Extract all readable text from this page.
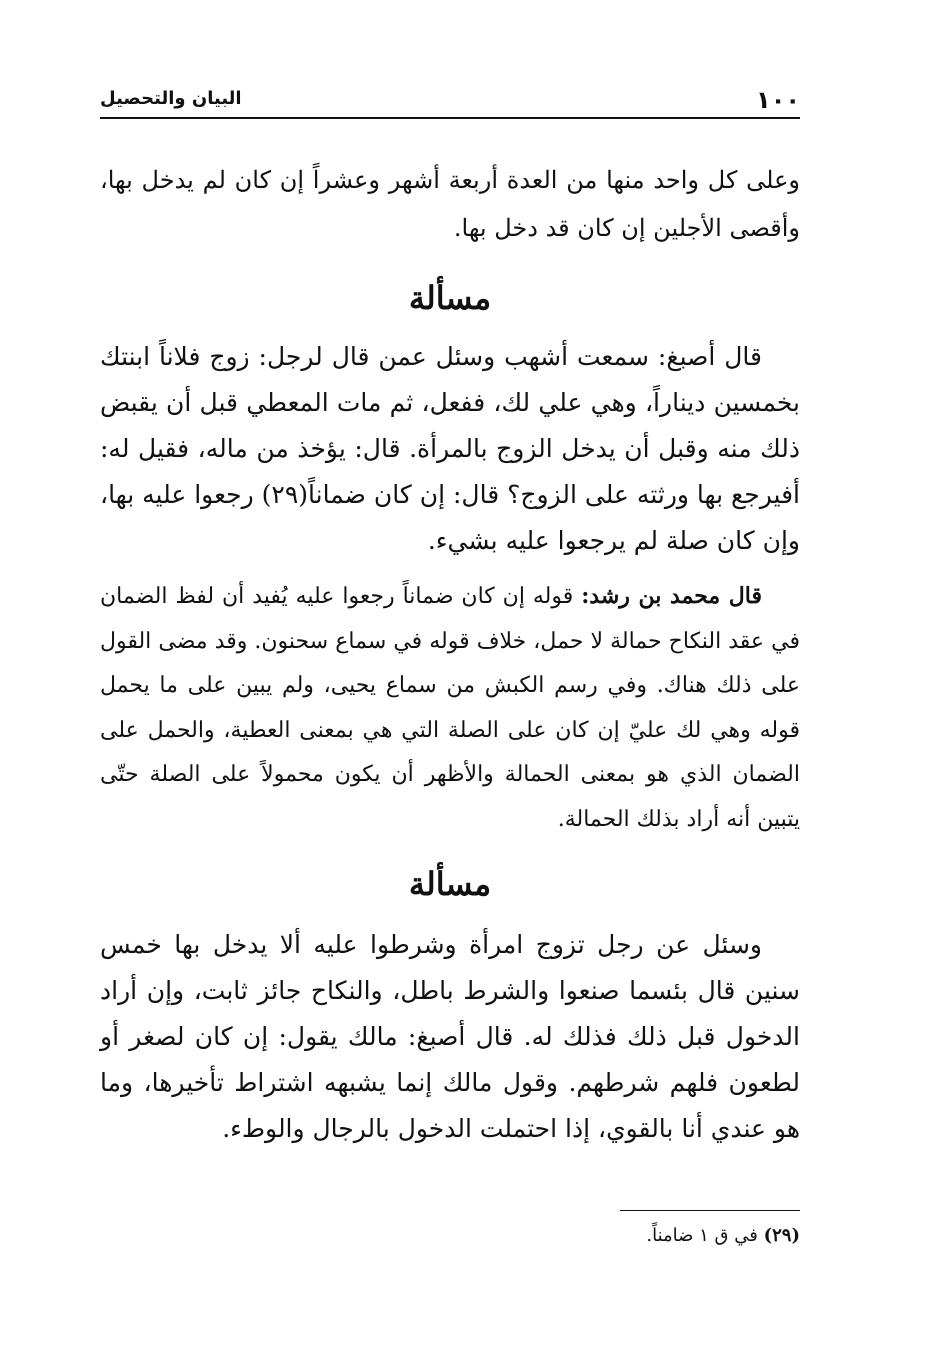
١٠٠
البيان والتحصيل

وعلى كل واحد منها من العدة أربعة أشهر وعشراً إن كان لم يدخل بها، وأقصى الأجلين إن كان قد دخل بها.

مسألة
قال أصبغ: سمعت أشهب وسئل عمن قال لرجل: زوج فلاناً ابنتك بخمسين ديناراً، وهي علي لك، ففعل، ثم مات المعطي قبل أن يقبض ذلك منه وقبل أن يدخل الزوج بالمرأة. قال: يؤخذ من ماله، فقيل له: أفيرجع بها ورثته على الزوج؟ قال: إن كان ضماناً(٢٩) رجعوا عليه بها، وإن كان صلة لم يرجعوا عليه بشيء.
قال محمد بن رشد: قوله إن كان ضماناً رجعوا عليه يُفيد أن لفظ الضمان في عقد النكاح حمالة لا حمل، خلاف قوله في سماع سحنون. وقد مضى القول على ذلك هناك. وفي رسم الكبش من سماع يحيى، ولم يبين على ما يحمل قوله وهي لك عليّ إن كان على الصلة التي هي بمعنى العطية، والحمل على الضمان الذي هو بمعنى الحمالة والأظهر أن يكون محمولاً على الصلة حتّى يتبين أنه أراد بذلك الحمالة.
مسألة
وسئل عن رجل تزوج امرأة وشرطوا عليه ألا يدخل بها خمس سنين قال بئسما صنعوا والشرط باطل، والنكاح جائز ثابت، وإن أراد الدخول قبل ذلك فذلك له. قال أصبغ: مالك يقول: إن كان لصغر أو لطعون فلهم شرطهم. وقول مالك إنما يشبهه اشتراط تأخيرها، وما هو عندي أنا بالقوي، إذا احتملت الدخول بالرجال والوطء.
(٢٩) في ق ١ ضامناً.
